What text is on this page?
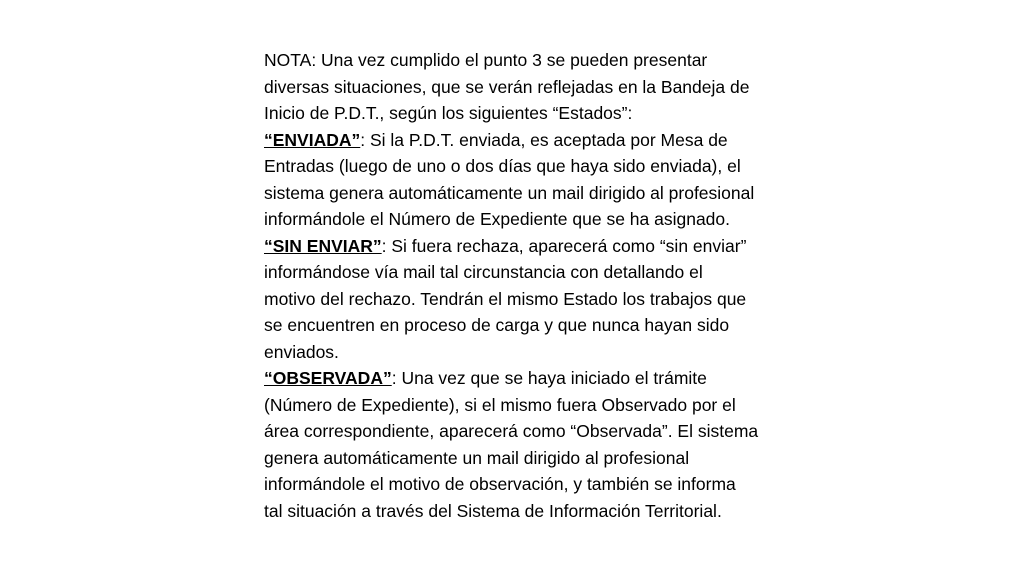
NOTA: Una vez cumplido el punto 3 se pueden presentar
diversas situaciones, que se verán reflejadas en la Bandeja de
Inicio de P.D.T., según los siguientes “Estados”:
“ENVIADA”: Si la P.D.T. enviada, es aceptada por Mesa de
Entradas (luego de uno o dos días que haya sido enviada), el
sistema genera automáticamente un mail dirigido al profesional
informándole el Número de Expediente que se ha asignado.
“SIN ENVIAR”: Si fuera rechaza, aparecerá como “sin enviar”
informándose vía mail tal circunstancia con detallando el
motivo del rechazo. Tendrán el mismo Estado los trabajos que
se encuentren en proceso de carga y que nunca hayan sido
enviados.
“OBSERVADA”: Una vez que se haya iniciado el trámite
(Número de Expediente), si el mismo fuera Observado por el
área correspondiente, aparecerá como “Observada”. El sistema
genera automáticamente un mail dirigido al profesional
informándole el motivo de observación, y también se informa
tal situación a través del Sistema de Información Territorial.
